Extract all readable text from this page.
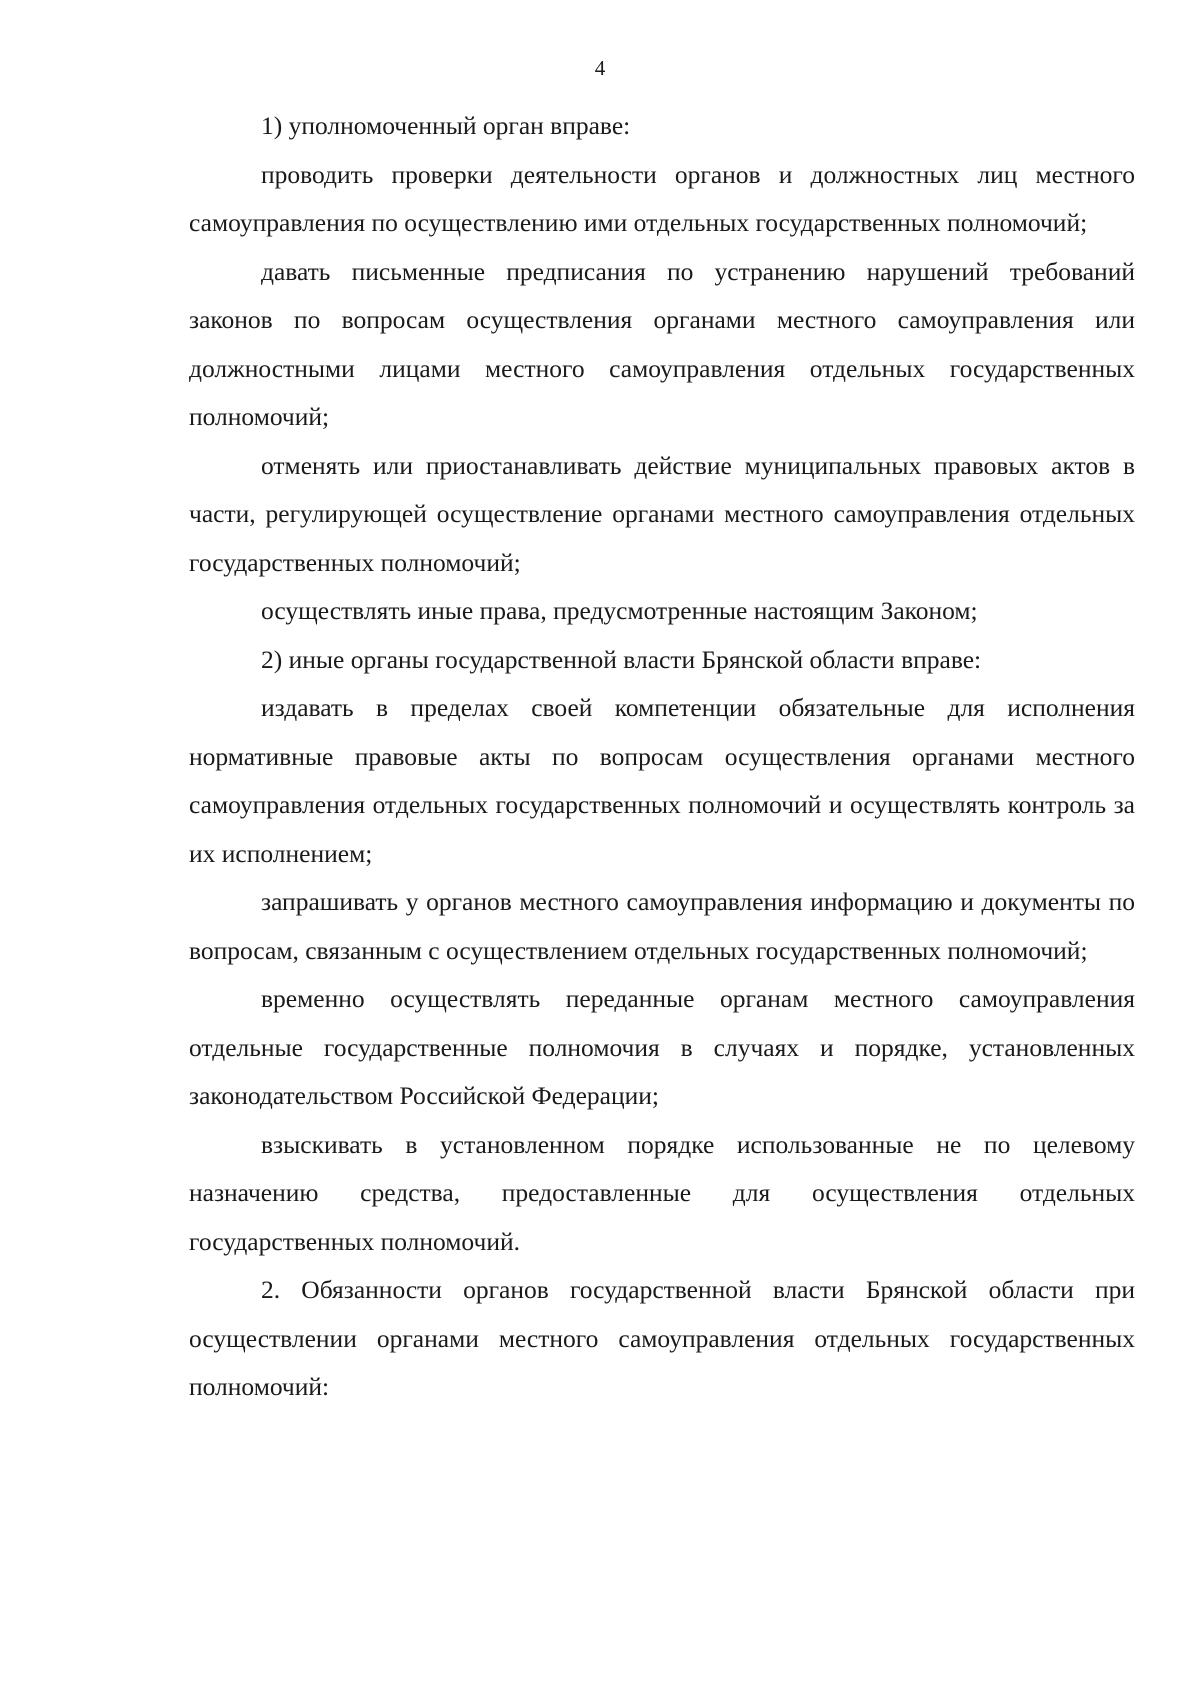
4

1) уполномоченный орган вправе:

проводить проверки деятельности органов и должностных лиц местного самоуправления по осуществлению ими отдельных государственных полномочий;

давать письменные предписания по устранению нарушений требований законов по вопросам осуществления органами местного самоуправления или должностными лицами местного самоуправления отдельных государственных полномочий;

отменять или приостанавливать действие муниципальных правовых актов в части, регулирующей осуществление органами местного самоуправления отдельных государственных полномочий;

осуществлять иные права, предусмотренные настоящим Законом;

2) иные органы государственной власти Брянской области вправе:

издавать в пределах своей компетенции обязательные для исполнения нормативные правовые акты по вопросам осуществления органами местного самоуправления отдельных государственных полномочий и осуществлять контроль за их исполнением;

запрашивать у органов местного самоуправления информацию и документы по вопросам, связанным с осуществлением отдельных государственных полномочий;

временно осуществлять переданные органам местного самоуправления отдельные государственные полномочия в случаях и порядке, установленных законодательством Российской Федерации;

взыскивать в установленном порядке использованные не по целевому назначению средства, предоставленные для осуществления отдельных государственных полномочий.

2. Обязанности органов государственной власти Брянской области при осуществлении органами местного самоуправления отдельных государственных полномочий:
